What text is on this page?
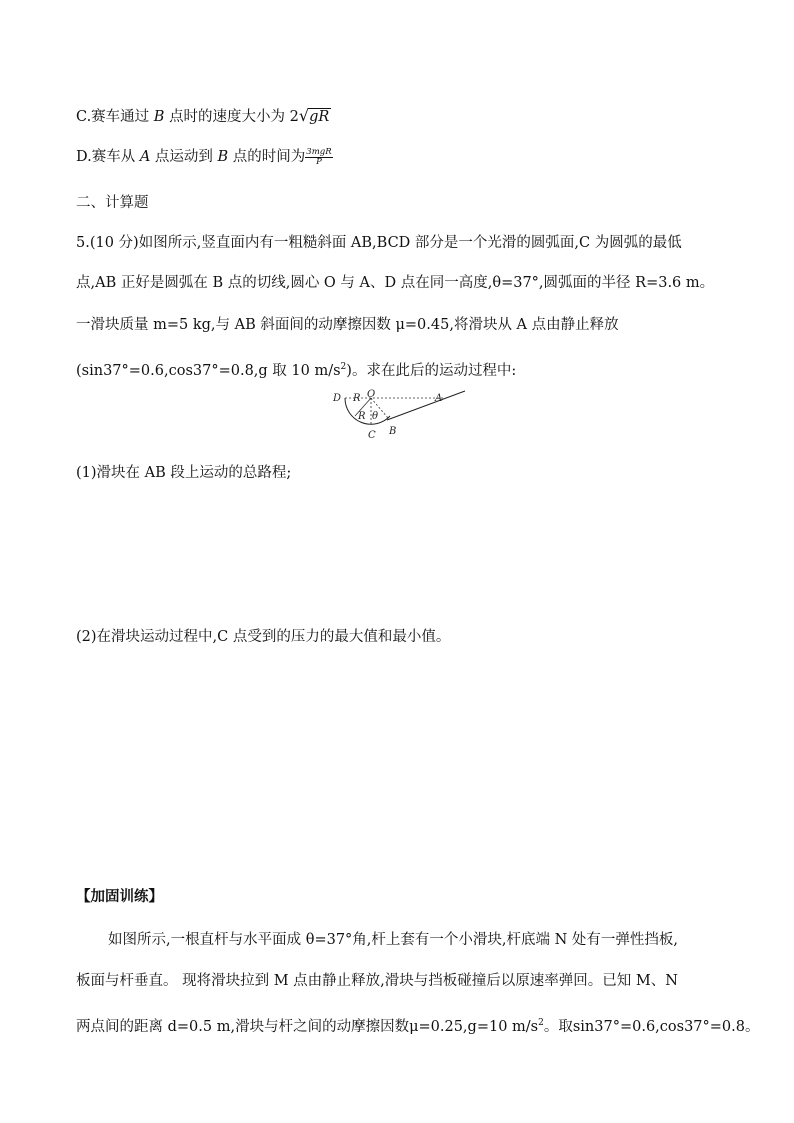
C.赛车通过 B 点时的速度大小为 2√gR
D.赛车从 A 点运动到 B 点的时间为 $\frac{\text{3mgR}}{P}$
二、计算题
5.(10 分)如图所示,竖直面内有一粗糙斜面 AB,BCD 部分是一个光滑的圆弧面,C 为圆弧的最低
点,AB 正好是圆弧在 B 点的切线,圆心 O 与 A、D 点在同一高度,θ=37°,圆弧面的半径 R=3.6 m。
一滑块质量 m=5 kg,与 AB 斜面间的动摩擦因数 μ=0.45,将滑块从 A 点由静止释放
(sin37°=0.6,cos37°=0.8,g 取 10 $m/s^2$)。求在此后的运动过程中:
D R O	A
R θ
C B
(1)滑块在 AB 段上运动的总路程;
(2)在滑块运动过程中,C 点受到的压力的最大值和最小值。
【加固训练】
如图所示,一根直杆与水平面成 θ=37°角,杆上套有一个小滑块,杆底端 N 处有一弹性挡板,
板面与杆垂直。 现将滑块拉到 M 点由静止释放,滑块与挡板碰撞后以原速率弹回。已知 M、N
两点间的距离 d=0.5 m,滑块与杆之间的动摩擦因数μ=0.25,g=10 $m/s^2$。取sin37°=0.6,cos37°=0.8。
